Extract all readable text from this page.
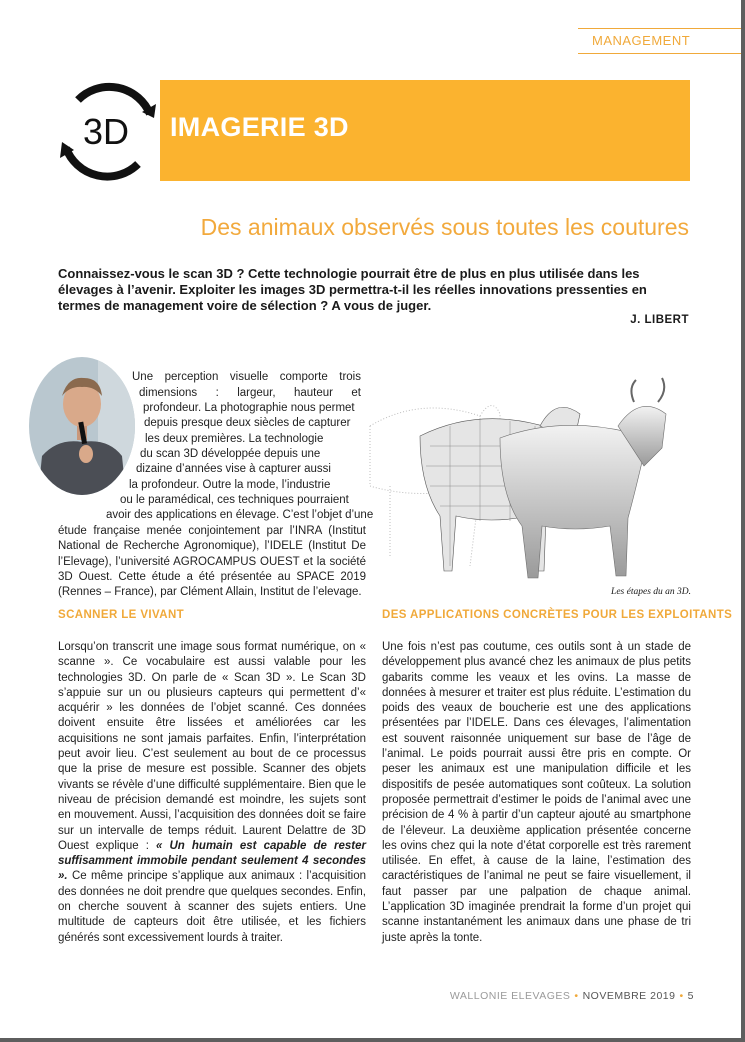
MANAGEMENT
3D IMAGERIE 3D
Des animaux observés sous toutes les coutures
Connaissez-vous le scan 3D ? Cette technologie pourrait être de plus en plus utilisée dans les élevages à l’avenir. Exploiter les images 3D permettra-t-il les réelles innovations pressenties en termes de management voire de sélection ? A vous de juger.
J. LIBERT
Les étapes du an 3D.
Une perception visuelle comporte trois
dimensions : largeur, hauteur et
profondeur. La photographie nous permet
depuis presque deux siècles de capturer
les deux premières. La technologie
du scan 3D développée depuis une
dizaine d’années vise à capturer aussi
la profondeur. Outre la mode, l’industrie
ou le paramédical, ces techniques pourraient
avoir des applications en élevage. C’est l’objet d’une
étude française menée conjointement par l’INRA (Institut National de Recherche Agronomique), l’IDELE (Institut De l’Elevage), l’université AGROCAMPUS OUEST et la société 3D Ouest. Cette étude a été présentée au SPACE 2019 (Rennes – France), par Clément Allain, Institut de l’elevage.
SCANNER LE VIVANT	DES APPLICATIONS CONCRÈTES POUR LES EXPLOITANTS
Lorsqu’on transcrit une image sous format numérique, on « scanne ». Ce vocabulaire est aussi valable pour les technologies 3D. On parle de « Scan 3D ». Le Scan 3D s’appuie sur un ou plusieurs capteurs qui permettent d’« acquérir » les données de l’objet scanné. Ces données doivent ensuite être lissées et améliorées car les acquisitions ne sont jamais parfaites. Enfin, l’interprétation peut avoir lieu. C’est seulement au bout de ce processus que la prise de mesure est possible. Scanner des objets vivants se révèle d’une difficulté supplémentaire. Bien que le niveau de précision demandé est moindre, les sujets sont en mouvement. Aussi, l’acquisition des données doit se faire sur un intervalle de temps réduit. Laurent Delattre de 3D Ouest explique : « Un humain est capable de rester suffisamment immobile pendant seulement 4 secondes ». Ce même principe s’applique aux animaux : l’acquisition des données ne doit prendre que quelques secondes. Enfin, on cherche souvent à scanner des sujets entiers. Une multitude de capteurs doit être utilisée, et les fichiers générés sont excessivement lourds à traiter.
Une fois n’est pas coutume, ces outils sont à un stade de développement plus avancé chez les animaux de plus petits gabarits comme les veaux et les ovins. La masse de données à mesurer et traiter est plus réduite. L’estimation du poids des veaux de boucherie est une des applications présentées par l’IDELE. Dans ces élevages, l’alimentation est souvent raisonnée uniquement sur base de l’âge de l’animal. Le poids pourrait aussi être pris en compte. Or peser les animaux est une manipulation difficile et les dispositifs de pesée automatiques sont coûteux. La solution proposée permettrait d’estimer le poids de l’animal avec une précision de 4 % à partir d’un capteur ajouté au smartphone de l’éleveur. La deuxième application présentée concerne les ovins chez qui la note d’état corporelle est très rarement utilisée. En effet, à cause de la laine, l’estimation des caractéristiques de l’animal ne peut se faire visuellement, il faut passer par une palpation de chaque animal. L’application 3D imaginée prendrait la forme d’un projet qui scanne instantanément les animaux dans une phase de tri juste après la tonte.
WALLONIE ELEVAGES • NOVEMBRE 2019 • 5
